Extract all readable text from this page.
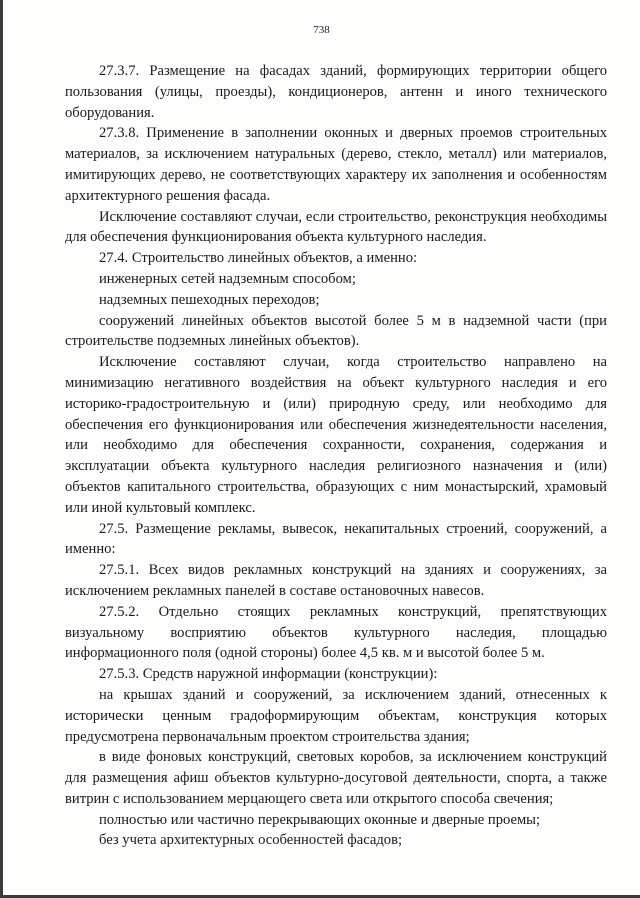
738

27.3.7. Размещение на фасадах зданий, формирующих территории общего пользования (улицы, проезды), кондиционеров, антенн и иного технического оборудования.

27.3.8. Применение в заполнении оконных и дверных проемов строительных материалов, за исключением натуральных (дерево, стекло, металл) или материалов, имитирующих дерево, не соответствующих характеру их заполнения и особенностям архитектурного решения фасада.

Исключение составляют случаи, если строительство, реконструкция необходимы для обеспечения функционирования объекта культурного наследия.

27.4. Строительство линейных объектов, а именно:

инженерных сетей надземным способом;

надземных пешеходных переходов;

сооружений линейных объектов высотой более 5 м в надземной части (при строительстве подземных линейных объектов).

Исключение составляют случаи, когда строительство направлено на минимизацию негативного воздействия на объект культурного наследия и его историко-градостроительную и (или) природную среду, или необходимо для обеспечения его функционирования или обеспечения жизнедеятельности населения, или необходимо для обеспечения сохранности, сохранения, содержания и эксплуатации объекта культурного наследия религиозного назначения и (или) объектов капитального строительства, образующих с ним монастырский, храмовый или иной культовый комплекс.

27.5. Размещение рекламы, вывесок, некапитальных строений, сооружений, а именно:

27.5.1. Всех видов рекламных конструкций на зданиях и сооружениях, за исключением рекламных панелей в составе остановочных навесов.

27.5.2. Отдельно стоящих рекламных конструкций, препятствующих визуальному восприятию объектов культурного наследия, площадью информационного поля (одной стороны) более 4,5 кв. м и высотой более 5 м.

27.5.3. Средств наружной информации (конструкции):

на крышах зданий и сооружений, за исключением зданий, отнесенных к исторически ценным градоформирующим объектам, конструкция которых предусмотрена первоначальным проектом строительства здания;

в виде фоновых конструкций, световых коробов, за исключением конструкций для размещения афиш объектов культурно-досуговой деятельности, спорта, а также витрин с использованием мерцающего света или открытого способа свечения;

полностью или частично перекрывающих оконные и дверные проемы;

без учета архитектурных особенностей фасадов;
